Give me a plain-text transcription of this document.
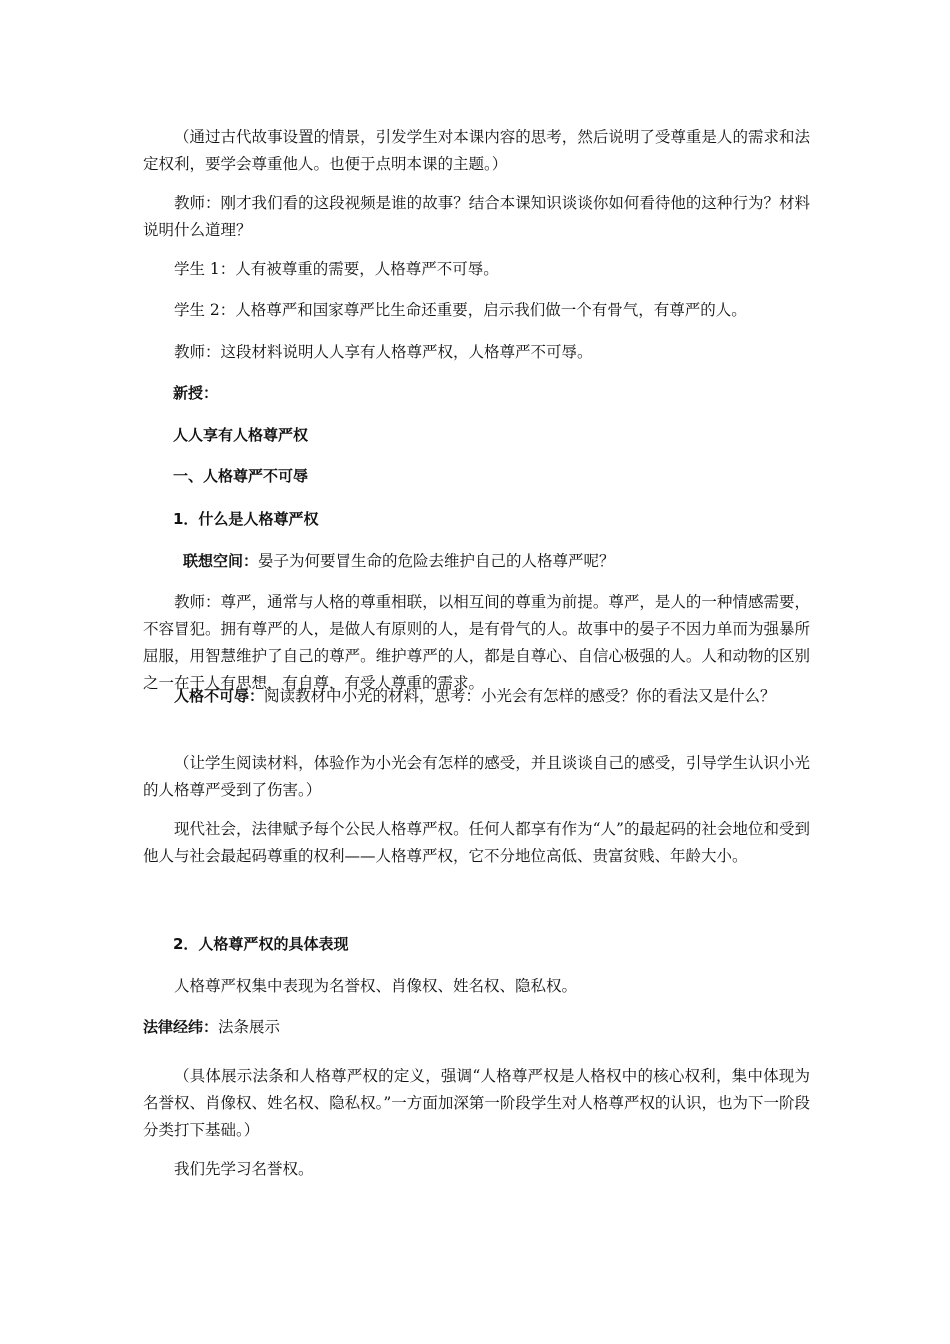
（通过古代故事设置的情景，引发学生对本课内容的思考，然后说明了受尊重是人的需求和法定权利，要学会尊重他人。也便于点明本课的主题。）

教师：刚才我们看的这段视频是谁的故事？结合本课知识谈谈你如何看待他的这种行为？材料说明什么道理？

学生 1：人有被尊重的需要，人格尊严不可辱。

学生 2：人格尊严和国家尊严比生命还重要，启示我们做一个有骨气，有尊严的人。

教师：这段材料说明人人享有人格尊严权，人格尊严不可辱。

新授：

人人享有人格尊严权

一、人格尊严不可辱

1．什么是人格尊严权

联想空间：晏子为何要冒生命的危险去维护自己的人格尊严呢？

教师：尊严，通常与人格的尊重相联，以相互间的尊重为前提。尊严，是人的一种情感需要，不容冒犯。拥有尊严的人，是做人有原则的人，是有骨气的人。故事中的晏子不因力单而为强暴所屈服，用智慧维护了自己的尊严。维护尊严的人，都是自尊心、自信心极强的人。人和动物的区别之一在于人有思想，有自尊，有受人尊重的需求。

人格不可辱：阅读教材中小光的材料，思考：小光会有怎样的感受？你的看法又是什么？

（让学生阅读材料，体验作为小光会有怎样的感受，并且谈谈自己的感受，引导学生认识小光的人格尊严受到了伤害。）

现代社会，法律赋予每个公民人格尊严权。任何人都享有作为“人”的最起码的社会地位和受到他人与社会最起码尊重的权利——人格尊严权，它不分地位高低、贵富贫贱、年龄大小。

2．人格尊严权的具体表现

人格尊严权集中表现为名誉权、肖像权、姓名权、隐私权。

法律经纬：法条展示

（具体展示法条和人格尊严权的定义，强调“人格尊严权是人格权中的核心权利，集中体现为名誉权、肖像权、姓名权、隐私权。”一方面加深第一阶段学生对人格尊严权的认识，也为下一阶段分类打下基础。）

我们先学习名誉权。
